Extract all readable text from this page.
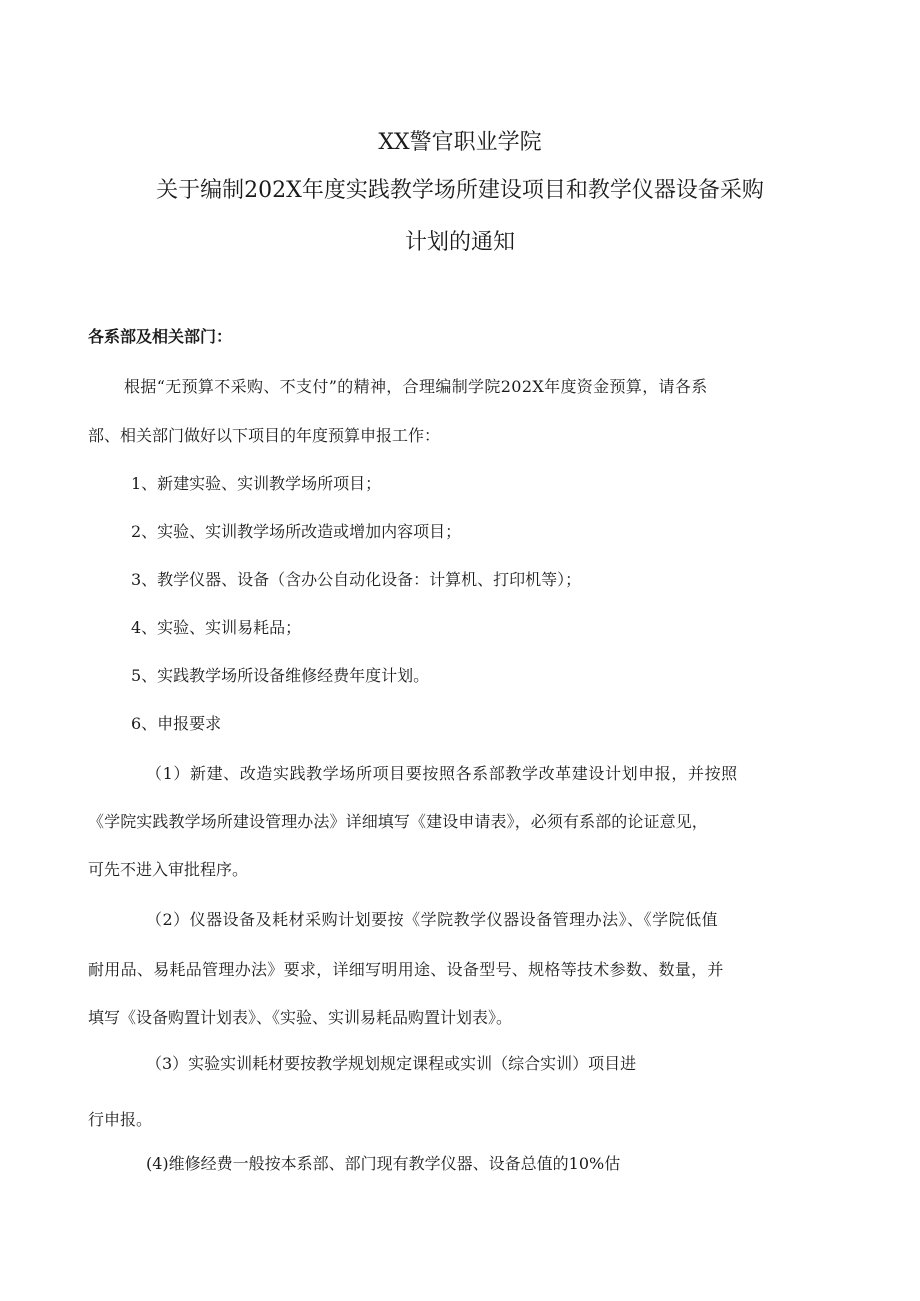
XX警官职业学院
关于编制202X年度实践教学场所建设项目和教学仪器设备采购
计划的通知
各系部及相关部门：
根据“无预算不采购、不支付”的精神，合理编制学院202X年度资金预算，请各系
部、相关部门做好以下项目的年度预算申报工作：
1、新建实验、实训教学场所项目；
2、实验、实训教学场所改造或增加内容项目；
3、教学仪器、设备（含办公自动化设备：计算机、打印机等）；
4、实验、实训易耗品；
5、实践教学场所设备维修经费年度计划。
6、申报要求
（1）新建、改造实践教学场所项目要按照各系部教学改革建设计划申报，并按照
《学院实践教学场所建设管理办法》详细填写《建设申请表》，必须有系部的论证意见，
可先不进入审批程序。
（2）仪器设备及耗材采购计划要按《学院教学仪器设备管理办法》、《学院低值
耐用品、易耗品管理办法》要求，详细写明用途、设备型号、规格等技术参数、数量，并
填写《设备购置计划表》、《实验、实训易耗品购置计划表》。
（3）实验实训耗材要按教学规划规定课程或实训（综合实训）项目进
行申报。
(4)维修经费一般按本系部、部门现有教学仪器、设备总值的10%估
